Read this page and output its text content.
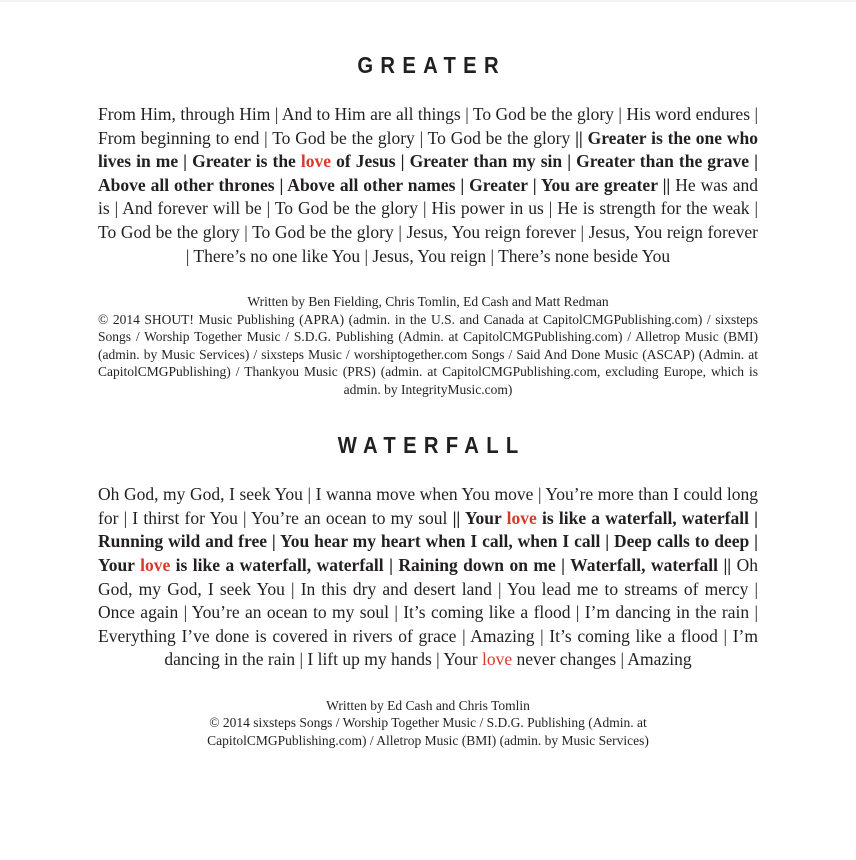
GREATER

From Him, through Him | And to Him are all things | To God be the glory | His word endures | From beginning to end | To God be the glory | To God be the glory || Greater is the one who lives in me | Greater is the love of Jesus | Greater than my sin | Greater than the grave | Above all other thrones | Above all other names | Greater | You are greater || He was and is | And forever will be | To God be the glory | His power in us | He is strength for the weak | To God be the glory | To God be the glory | Jesus, You reign forever | Jesus, You reign forever | There’s no one like You | Jesus, You reign | There’s none beside You

Written by Ben Fielding, Chris Tomlin, Ed Cash and Matt Redman
© 2014 SHOUT! Music Publishing (APRA) (admin. in the U.S. and Canada at CapitolCMGPublishing.com) / sixsteps Songs / Worship Together Music / S.D.G. Publishing (Admin. at CapitolCMGPublishing.com) / Alletrop Music (BMI) (admin. by Music Services) / sixsteps Music / worshiptogether.com Songs / Said And Done Music (ASCAP) (Admin. at CapitolCMGPublishing) / Thankyou Music (PRS) (admin. at CapitolCMGPublishing.com, excluding Europe, which is admin. by IntegrityMusic.com)
WATERFALL

Oh God, my God, I seek You | I wanna move when You move | You’re more than I could long for | I thirst for You | You’re an ocean to my soul || Your love is like a waterfall, waterfall | Running wild and free | You hear my heart when I call, when I call | Deep calls to deep | Your love is like a waterfall, waterfall | Raining down on me | Waterfall, waterfall || Oh God, my God, I seek You | In this dry and desert land | You lead me to streams of mercy | Once again | You’re an ocean to my soul | It’s coming like a flood | I’m dancing in the rain | Everything I’ve done is covered in rivers of grace | Amazing | It’s coming like a flood | I’m dancing in the rain | I lift up my hands | Your love never changes | Amazing

Written by Ed Cash and Chris Tomlin
© 2014 sixsteps Songs / Worship Together Music / S.D.G. Publishing (Admin. at CapitolCMGPublishing.com) / Alletrop Music (BMI) (admin. by Music Services)
